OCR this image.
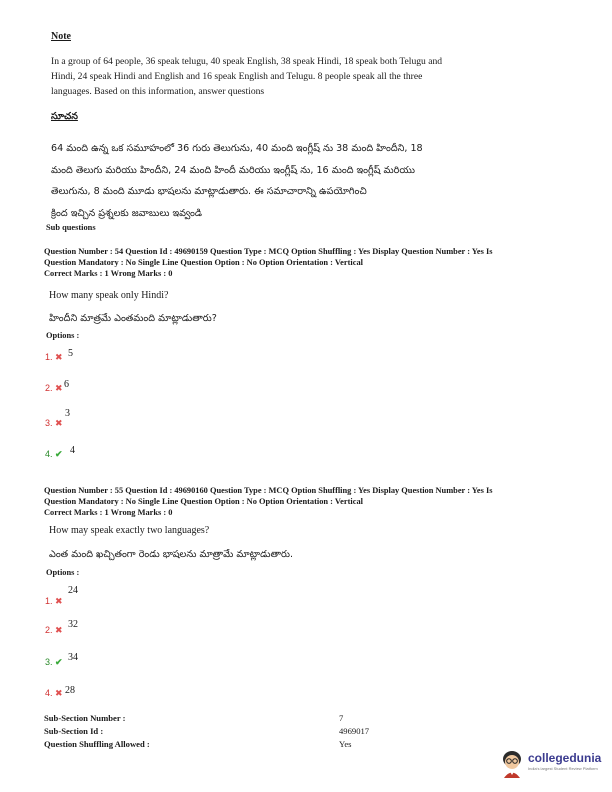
Note
In a group of 64 people, 36 speak telugu, 40 speak English, 38 speak Hindi, 18 speak both Telugu and Hindi, 24 speak Hindi and English and 16 speak English and Telugu. 8 people speak all the three languages. Based on this information, answer questions
సూచన
64 మంది ఉన్న ఒక సమూహంలో 36 గురు తెలుగును, 40 మంది ఇంగ్లీష్ ను 38 మంది హిందీని, 18
మంది తెలుగు మరియు హిందీని, 24 మంది హిందీ మరియు ఇంగ్లీష్ ను, 16 మంది ఇంగ్లీష్ మరియు
తెలుగును, 8 మంది మూడు భాషలను మాట్లాడుతారు. ఈ సమాచారాన్ని ఉపయోగించి
క్రింద ఇచ్చిన ప్రశ్నలకు జవాబులు ఇవ్వండి
Sub questions
Question Number : 54 Question Id : 49690159 Question Type : MCQ Option Shuffling : Yes Display Question Number : Yes Is
Question Mandatory : No Single Line Question Option : No Option Orientation : Vertical
Correct Marks : 1 Wrong Marks : 0
How many speak only Hindi?
హిందీని మాత్రమే ఎంతమంది మాట్లాడుతారు?
Options :
1. ✖ 5
2. ✖ 6
3. ✖
3
4. ✔ 4
Question Number : 55 Question Id : 49690160 Question Type : MCQ Option Shuffling : Yes Display Question Number : Yes Is
Question Mandatory : No Single Line Question Option : No Option Orientation : Vertical
Correct Marks : 1 Wrong Marks : 0
How may speak exactly two languages?
ఎంత మంది ఖచ్చితంగా రెండు భాషలను మాత్రామే మాట్లాడుతారు.
Options :
1. ✖
24
2. ✖ 32
3. ✔ 34
4. ✖ 28
Sub-Section Number :	7
Sub-Section Id :	4969017
Question Shuffling Allowed :	Yes
collegedunia
India's largest Student Review Platform
